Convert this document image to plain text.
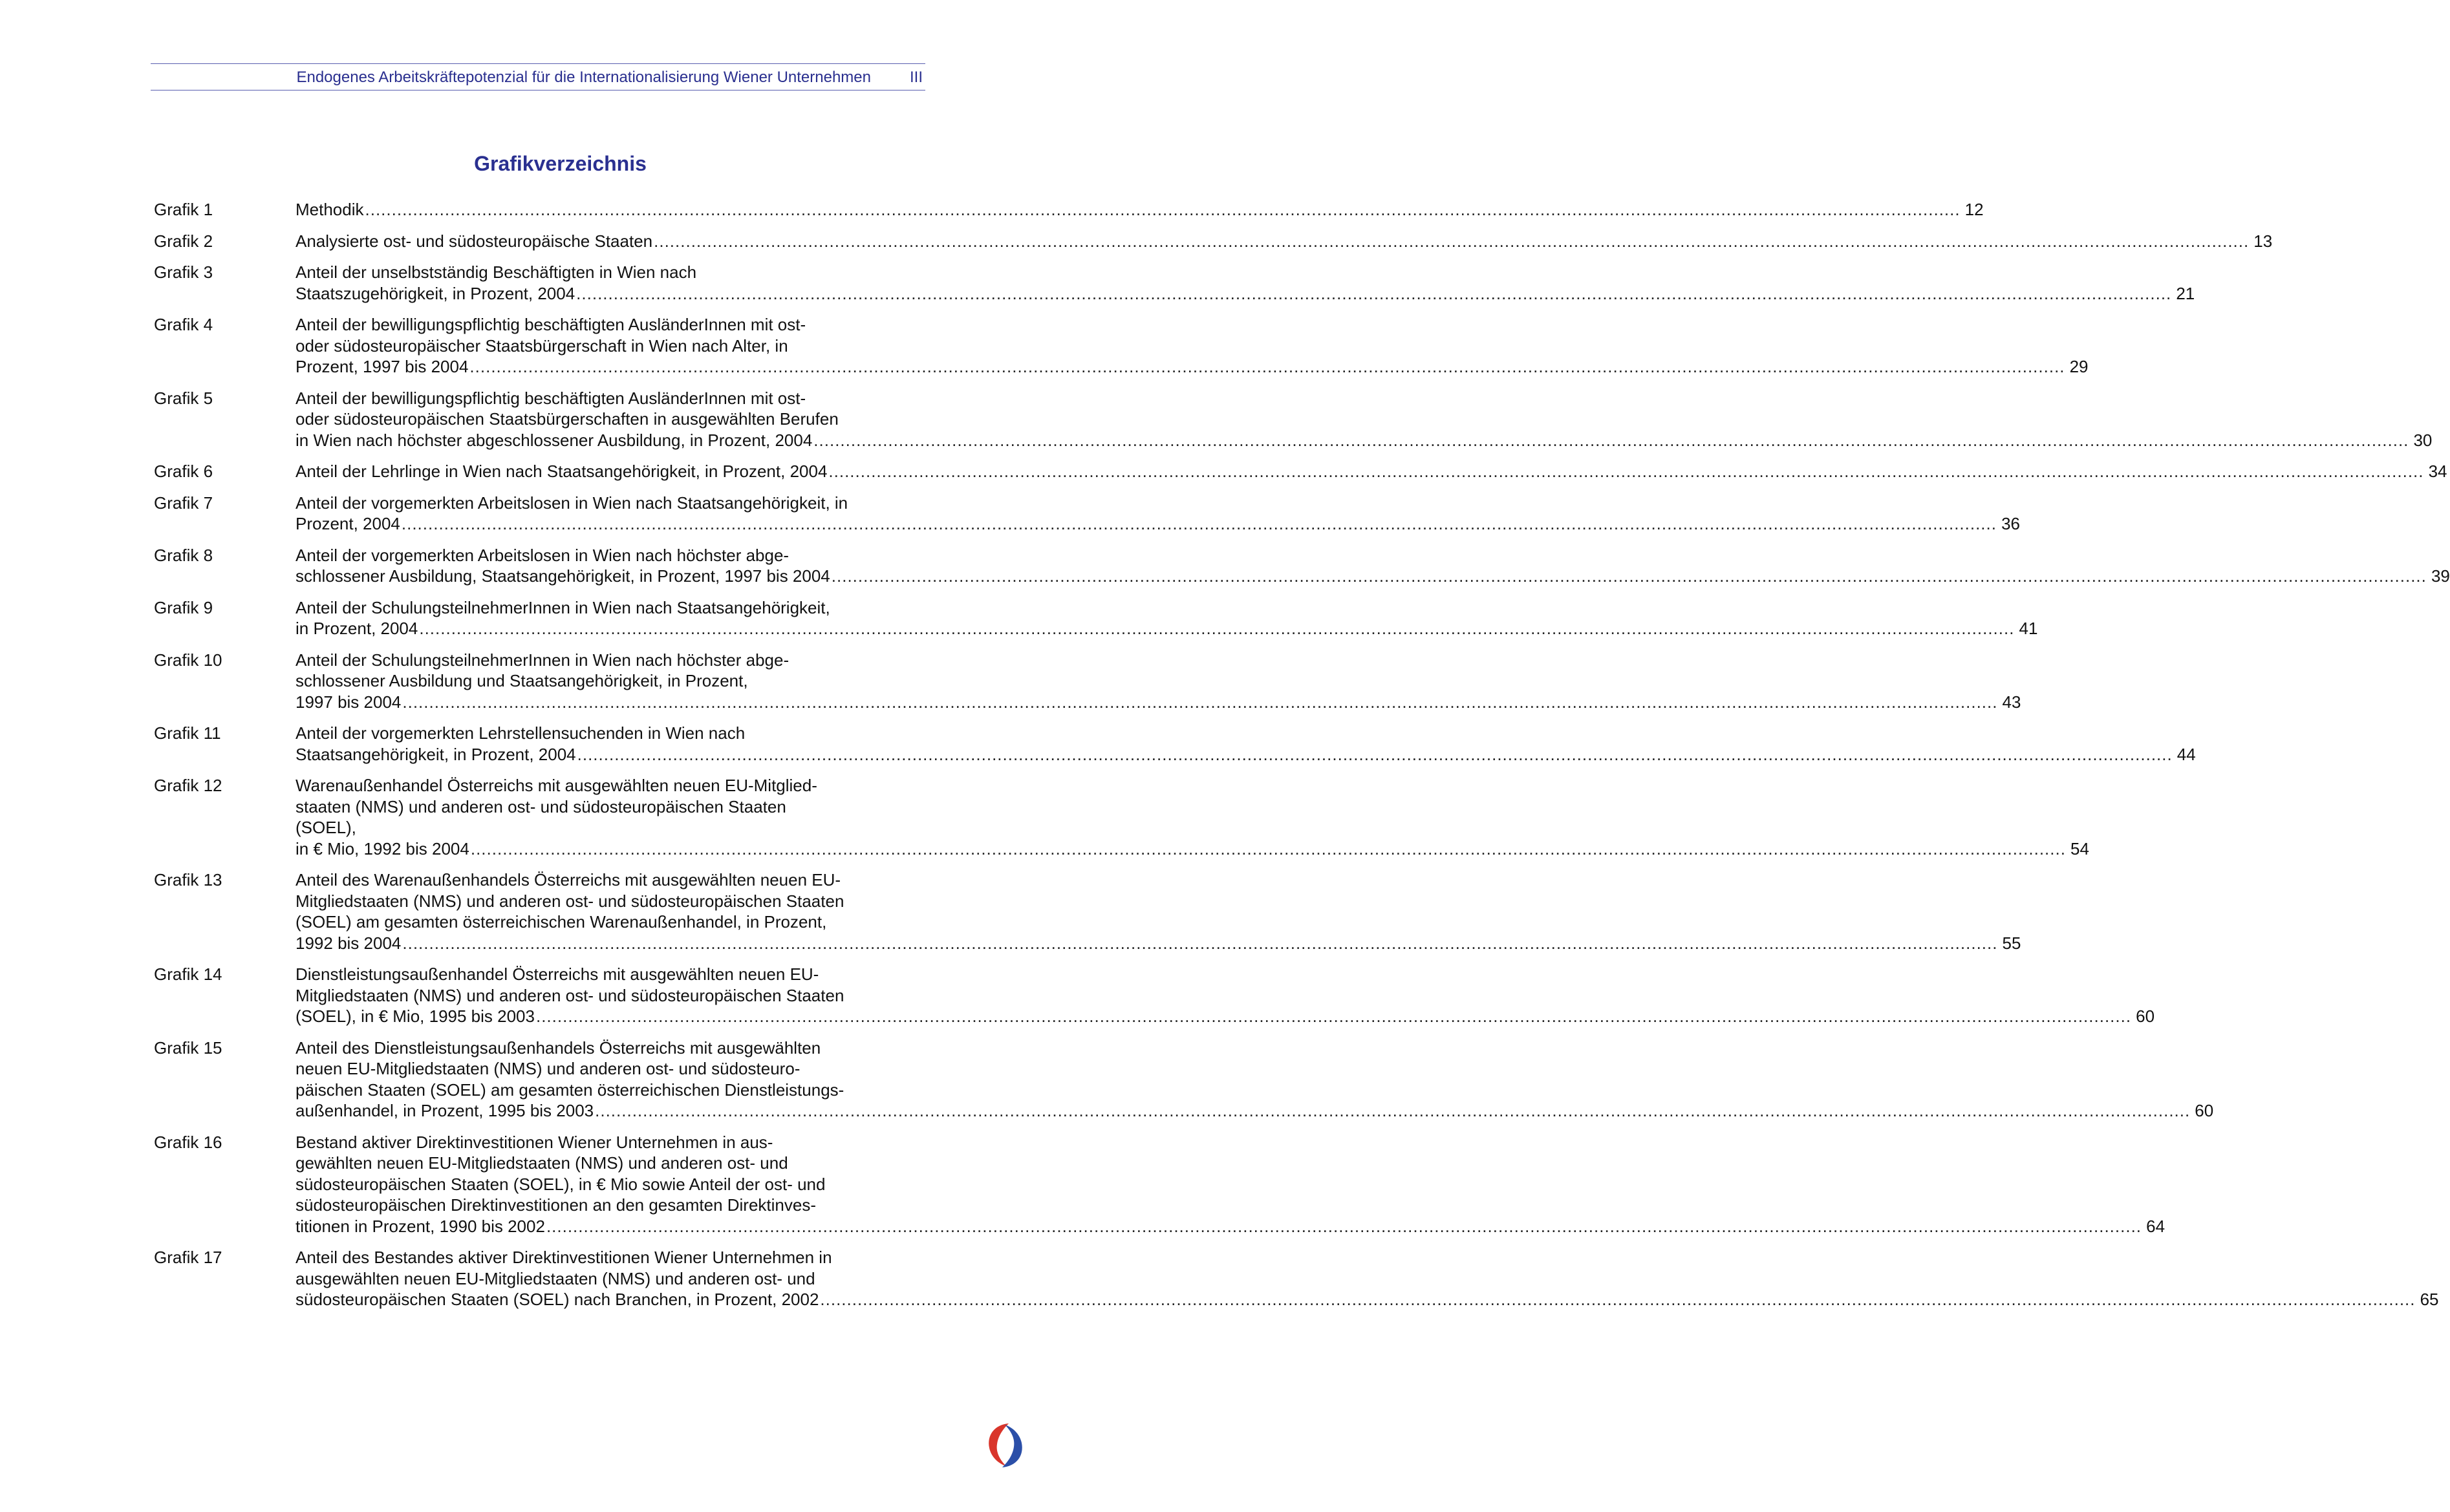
Endogenes Arbeitskräftepotenzial für die Internationalisierung Wiener Unternehmen III
Grafikverzeichnis
Grafik 1	Methodik ............................................................................................................................................................................................................................................................................................................ 12
Grafik 2	Analysierte ost- und südosteuropäische Staaten ............................................................................................................................................................................................................................................................................................................ 13
Grafik 3	Anteil der unselbstständig Beschäftigten in Wien nach
Staatszugehörigkeit, in Prozent, 2004 ............................................................................................................................................................................................................................................................................................................ 21
Grafik 4	Anteil der bewilligungspflichtig beschäftigten AusländerInnen mit ost-
oder südosteuropäischer Staatsbürgerschaft in Wien nach Alter, in
Prozent, 1997 bis 2004 ............................................................................................................................................................................................................................................................................................................ 29
Grafik 5	Anteil der bewilligungspflichtig beschäftigten AusländerInnen mit ost-
oder südosteuropäischen Staatsbürgerschaften in ausgewählten Berufen
in Wien nach höchster abgeschlossener Ausbildung, in Prozent, 2004 ............................................................................................................................................................................................................................................................................................................ 30
Grafik 6	Anteil der Lehrlinge in Wien nach Staatsangehörigkeit, in Prozent, 2004 ............................................................................................................................................................................................................................................................................................................ 34
Grafik 7	Anteil der vorgemerkten Arbeitslosen in Wien nach Staatsangehörigkeit, in
Prozent, 2004 ............................................................................................................................................................................................................................................................................................................ 36
Grafik 8	Anteil der vorgemerkten Arbeitslosen in Wien nach höchster abge-
schlossener Ausbildung, Staatsangehörigkeit, in Prozent, 1997 bis 2004 ............................................................................................................................................................................................................................................................................................................ 39
Grafik 9	Anteil der SchulungsteilnehmerInnen in Wien nach Staatsangehörigkeit,
in Prozent, 2004 ............................................................................................................................................................................................................................................................................................................ 41
Grafik 10	Anteil der SchulungsteilnehmerInnen in Wien nach höchster abge-
schlossener Ausbildung und Staatsangehörigkeit, in Prozent,
1997 bis 2004 ............................................................................................................................................................................................................................................................................................................ 43
Grafik 11	Anteil der vorgemerkten Lehrstellensuchenden in Wien nach
Staatsangehörigkeit, in Prozent, 2004 ............................................................................................................................................................................................................................................................................................................ 44
Grafik 12	Warenaußenhandel Österreichs mit ausgewählten neuen EU-Mitglied-
staaten (NMS) und anderen ost- und südosteuropäischen Staaten
(SOEL),
in € Mio, 1992 bis 2004 ............................................................................................................................................................................................................................................................................................................ 54
Grafik 13	Anteil des Warenaußenhandels Österreichs mit ausgewählten neuen EU-
Mitgliedstaaten (NMS) und anderen ost- und südosteuropäischen Staaten
(SOEL) am gesamten österreichischen Warenaußenhandel, in Prozent,
1992 bis 2004 ............................................................................................................................................................................................................................................................................................................ 55
Grafik 14	Dienstleistungsaußenhandel Österreichs mit ausgewählten neuen EU-
Mitgliedstaaten (NMS) und anderen ost- und südosteuropäischen Staaten
(SOEL), in € Mio, 1995 bis 2003 ............................................................................................................................................................................................................................................................................................................ 60
Grafik 15	Anteil des Dienstleistungsaußenhandels Österreichs mit ausgewählten
neuen EU-Mitgliedstaaten (NMS) und anderen ost- und südosteuro-
päischen Staaten (SOEL) am gesamten österreichischen Dienstleistungs-
außenhandel, in Prozent, 1995 bis 2003 ............................................................................................................................................................................................................................................................................................................ 60
Grafik 16	Bestand aktiver Direktinvestitionen Wiener Unternehmen in aus-
gewählten neuen EU-Mitgliedstaaten (NMS) und anderen ost- und
südosteuropäischen Staaten (SOEL), in € Mio sowie Anteil der ost- und
südosteuropäischen Direktinvestitionen an den gesamten Direktinves-
titionen in Prozent, 1990 bis 2002 ............................................................................................................................................................................................................................................................................................................ 64
Grafik 17	Anteil des Bestandes aktiver Direktinvestitionen Wiener Unternehmen in
ausgewählten neuen EU-Mitgliedstaaten (NMS) und anderen ost- und
südosteuropäischen Staaten (SOEL) nach Branchen, in Prozent, 2002 ............................................................................................................................................................................................................................................................................................................ 65
